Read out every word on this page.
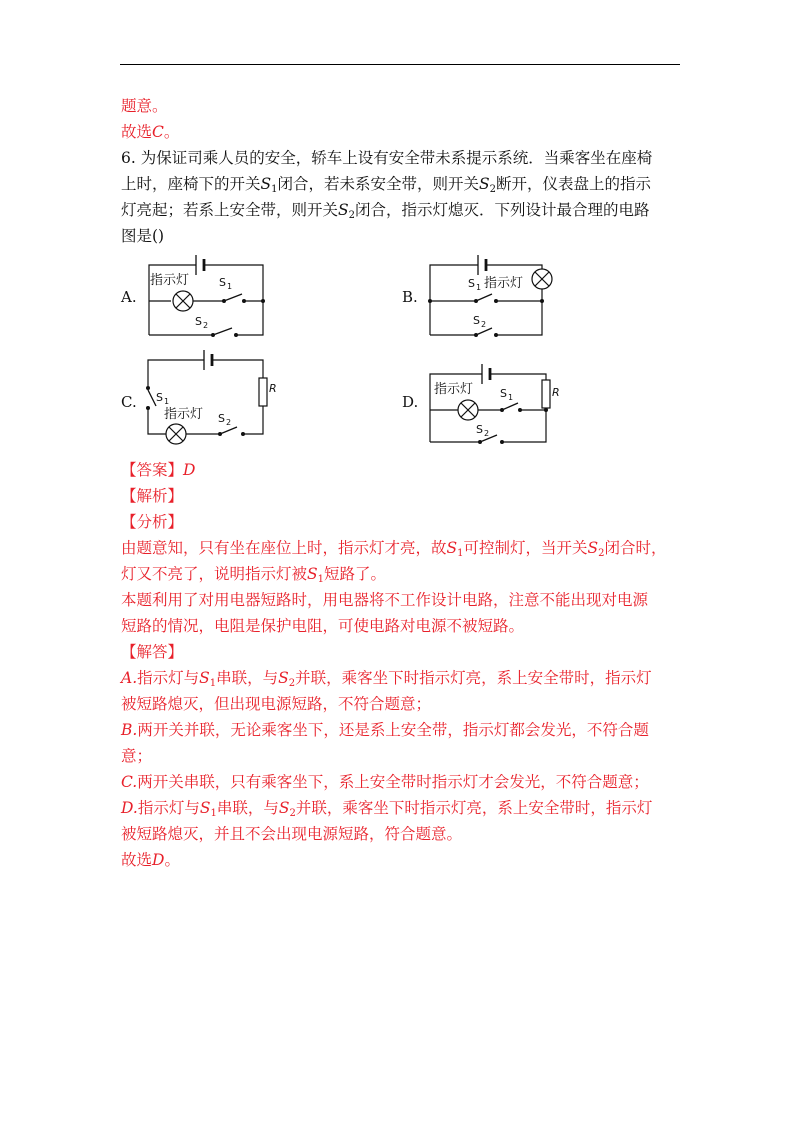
题意。
故选C。
6. 为保证司乘人员的安全，轿车上设有安全带未系提示系统．当乘客坐在座椅
上时，座椅下的开关$S_1$闭合，若未系安全带，则开关$S_2$断开，仪表盘上的指示
灯亮起；若系上安全带，则开关$S_2$闭合，指示灯熄灭．下列设计最合理的电路
图是()
A.	B.
C.	D.
指示灯	S 1
S 2
S 1 指示灯
S 2
S 1
指示灯 S 2
R	指示灯 S 1
S 2
R
【答案】D
【解析】
【分析】
由题意知，只有坐在座位上时，指示灯才亮，故$S_1$可控制灯，当开关$S_2$闭合时，
灯又不亮了，说明指示灯被$S_1$短路了。
本题利用了对用电器短路时，用电器将不工作设计电路，注意不能出现对电源
短路的情况，电阻是保护电阻，可使电路对电源不被短路。
【解答】
A.指示灯与$S_1$串联，与$S_2$并联，乘客坐下时指示灯亮，系上安全带时，指示灯
被短路熄灭，但出现电源短路，不符合题意；
B.两开关并联，无论乘客坐下，还是系上安全带，指示灯都会发光，不符合题
意；
C.两开关串联，只有乘客坐下，系上安全带时指示灯才会发光，不符合题意；
D.指示灯与$S_1$串联，与$S_2$并联，乘客坐下时指示灯亮，系上安全带时，指示灯
被短路熄灭，并且不会出现电源短路，符合题意。
故选D。
